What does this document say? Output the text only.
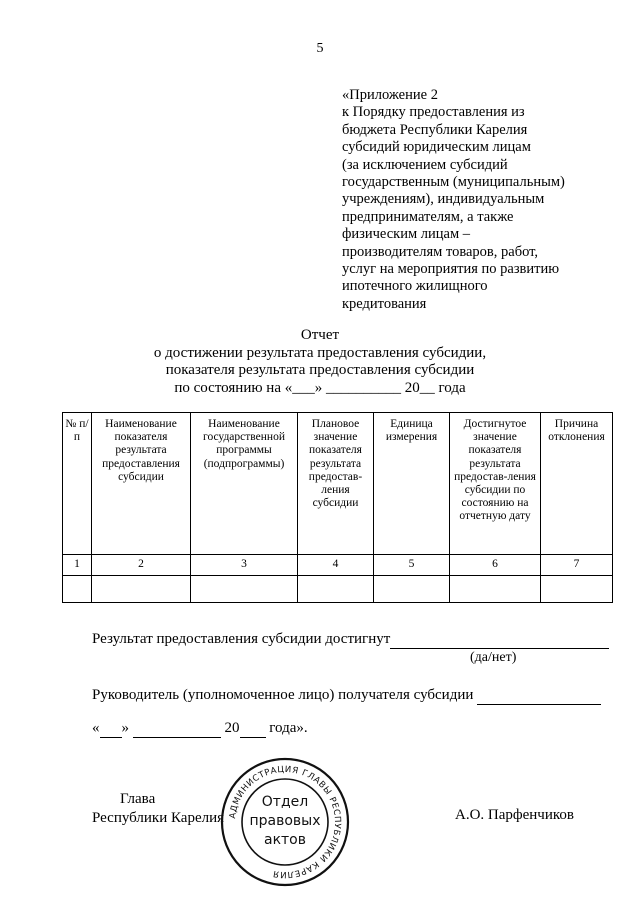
5
«Приложение 2
к Порядку предоставления из
бюджета Республики Карелия
субсидий юридическим лицам
(за исключением субсидий
государственным (муниципальным)
учреждениям), индивидуальным
предпринимателям, а также
физическим лицам –
производителям товаров, работ,
услуг на мероприятия по развитию
ипотечного жилищного
кредитования
Отчет
о достижении результата предоставления субсидии,
показателя результата предоставления субсидии
по состоянию на «___» __________ 20__ года
№ п/п	Наименование показателя результата предоставления субсидии	Наименование государственной программы (подпрограммы)	Плановое значение показателя результата предостав-ления субсидии	Единица измерения	Достигнутое значение показателя результата предостав-ления субсидии по состоянию на отчетную дату	Причина отклонения
1	2	3	4	5	6	7

Результат предоставления субсидии достигнут
(да/нет)
Руководитель (уполномоченное лицо) получателя субсидии
« »	20  года».
Глава
Республики Карелия	А.О. Парфенчиков
АДМИНИСТРАЦИЯ ГЛАВЫ РЕСПУБЛИКИ КАРЕЛИЯ
Отдел
правовых
актов
